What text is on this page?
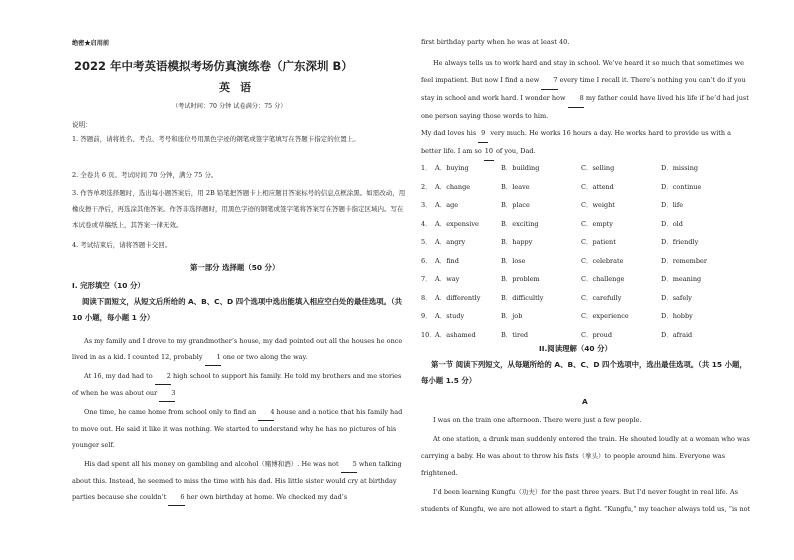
绝密★启用前
2022 年中考英语模拟考场仿真演练卷（广东深圳 B）
英语
（考试时间：70 分钟 试卷满分：75 分）
说明：
1. 答题前，请将姓名、考点、考号和座位号用黑色字迹的钢笔或签字笔填写在答题卡指定的位置上。
2. 全卷共 6 页。考试时间 70 分钟，满分 75 分。
3. 作答单项选择题时，选出每小题答案后，用 2B 铅笔把答题卡上相应题目答案标号的信息点框涂黑。如需改动，用橡皮擦干净后，再选涂其他答案。作答非选择题时，用黑色字迹的钢笔或签字笔将答案写在答题卡指定区域内。写在本试卷或草稿纸上，其答案一律无效。
4. 考试结束后，请将答题卡交回。
第一部分 选择题（50 分）
I. 完形填空（10 分）
阅读下面短文，从短文后所给的 A、B、C、D 四个选项中选出能填入相应空白处的最佳选项。（共 10 小题，每小题 1 分）
As my family and I drove to my grandmother’s house, my dad pointed out all the houses he once lived in as a kid. I counted 12, probably 1 one or two along the way.
At 16, my dad had to 2 high school to support his family. He told my brothers and me stories of when he was about our 3
One time, he came home from school only to find an 4 house and a notice that his family had to move out. He said it like it was nothing. We started to understand why he has no pictures of his younger self.
His dad spent all his money on gambling and alcohol（赌博和酒）. He was not 5 when talking about this. Instead, he seemed to miss the time with his dad. His little sister would cry at birthday parties because she couldn’t 6 her own birthday at home. We checked my dad’s
first birthday party when he was at least 40.
He always tells us to work hard and stay in school. We’ve heard it so much that sometimes we feel impatient. But now I find a new 7 every time I recall it. There’s nothing you can’t do if you stay in school and work hard. I wonder how 8 my father could have lived his life if he’d had just one person saying those words to him.
My dad loves his 9 very much. He works 16 hours a day. He works hard to provide us with a better life. I am so 10 of you, Dad.
1． A．buying	B．building	C．selling	D．missing
2． A．change	B．leave	C．attend	D．continue
3． A．age	B．place	C．weight	D．life
4． A．expensive	B．exciting	C．empty	D．old
5． A．angry	B．happy	C．patient	D．friendly
6． A．find	B．lose	C．celebrate	D．remember
7． A．way	B．problem	C．challenge	D．meaning
8． A．differently	B．difficultly	C．carefully	D．safely
9． A．study	B．job	C．experience	D．hobby
10． A．ashamed	B．tired	C．proud	D．afraid
II.阅读理解（40 分）
第一节 阅读下列短文，从每题所给的 A、B、C、D 四个选项中，选出最佳选项。（共 15 小题，每小题 1.5 分）
A
I was on the train one afternoon. There were just a few people.
At one station, a drunk man suddenly entered the train. He shouted loudly at a woman who was carrying a baby. He was about to throw his fists（拳头）to people around him. Everyone was frightened.
I’d been learning Kungfu（功夫）for the past three years. But I’d never fought in real life. As students of Kungfu, we are not allowed to start a fight. “Kungfu,” my teacher always told us, “is not
